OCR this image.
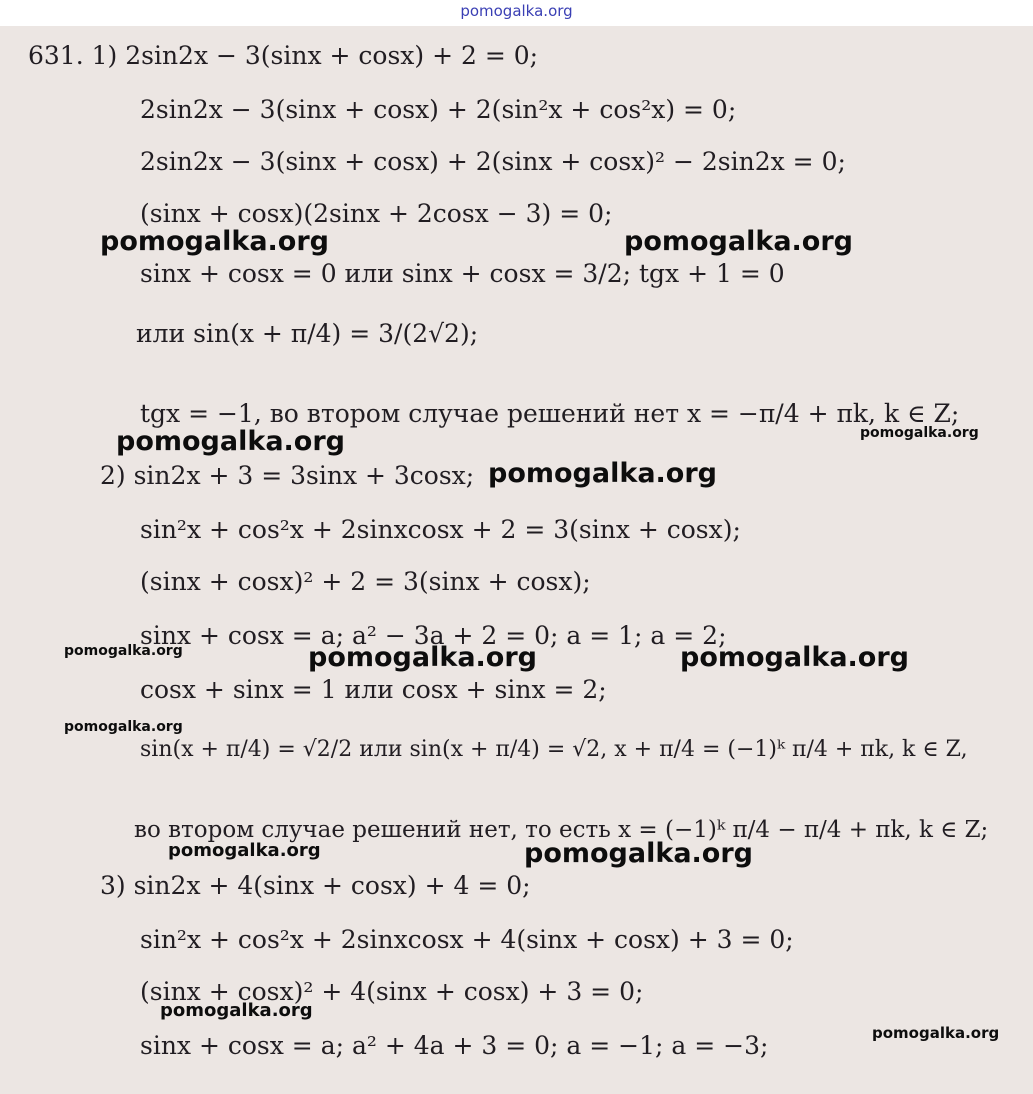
pomogalka.org
631. 1) 2sin2x − 3(sinx + cosx) + 2 = 0;
2sin2x − 3(sinx + cosx) + 2(sin²x + cos²x) = 0;
2sin2x − 3(sinx + cosx) + 2(sinx + cosx)² − 2sin2x = 0;
(sinx + cosx)(2sinx + 2cosx − 3) = 0;
sinx + cosx = 0 или sinx + cosx = 3/2; tgx + 1 = 0
или sin(x + π/4) = 3/(2√2);
tgx = −1, во втором случае решений нет x = −π/4 + πk, k ∈ Z;
2) sin2x + 3 = 3sinx + 3cosx;
sin²x + cos²x + 2sinxcosx + 2 = 3(sinx + cosx);
(sinx + cosx)² + 2 = 3(sinx + cosx);
sinx + cosx = a; a² − 3a + 2 = 0; a = 1; a = 2;
cosx + sinx = 1 или cosx + sinx = 2;
sin(x + π/4) = √2/2 или sin(x + π/4) = √2, x + π/4 = (−1)ᵏ π/4 + πk, k ∈ Z,
во втором случае решений нет, то есть x = (−1)ᵏ π/4 − π/4 + πk, k ∈ Z;
3) sin2x + 4(sinx + cosx) + 4 = 0;
sin²x + cos²x + 2sinxcosx + 4(sinx + cosx) + 3 = 0;
(sinx + cosx)² + 4(sinx + cosx) + 3 = 0;
sinx + cosx = a; a² + 4a + 3 = 0; a = −1; a = −3;
pomogalka.org	pomogalka.org
pomogalka.org	pomogalka.org
pomogalka.org
pomogalka.org	pomogalka.org	pomogalka.org
pomogalka.org
pomogalka.org	pomogalka.org
pomogalka.org
pomogalka.org
